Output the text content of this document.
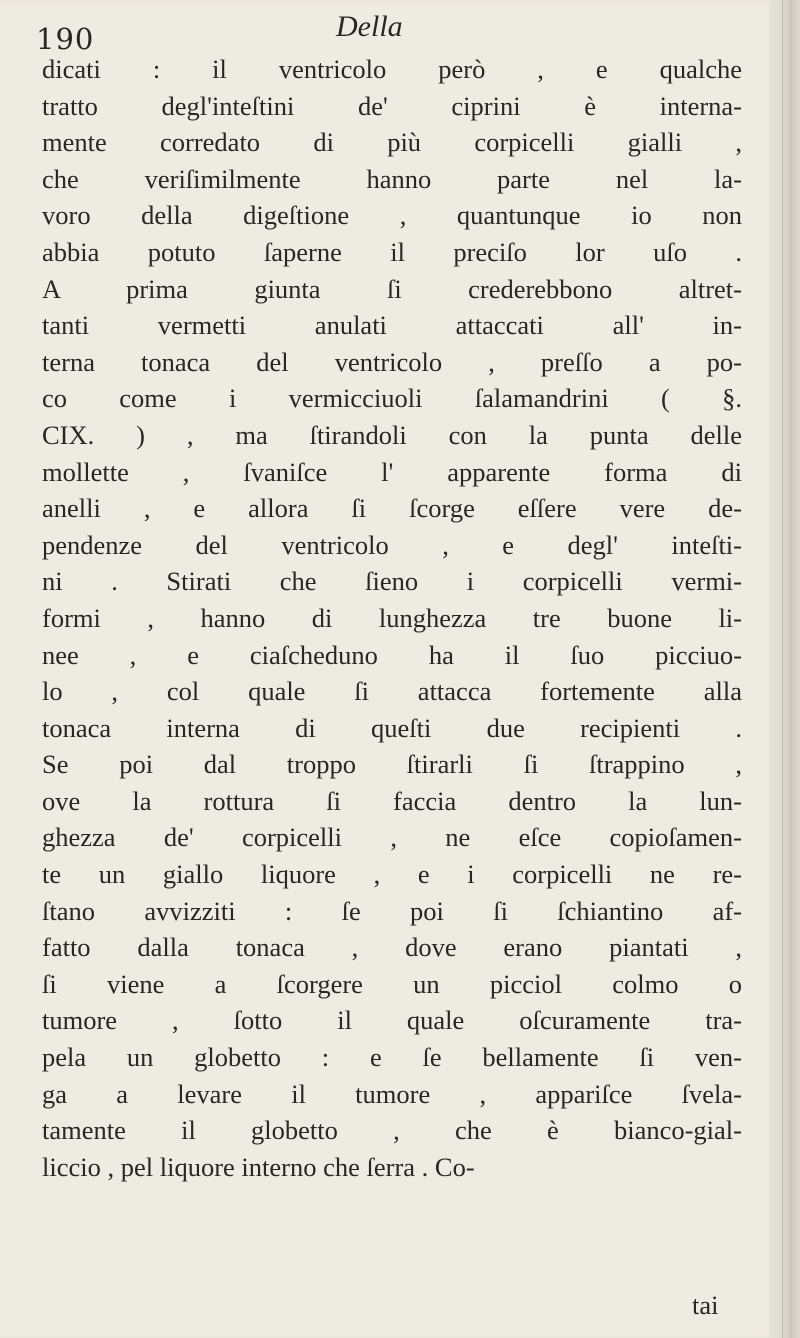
190	Della
dicati : il ventricolo però , e qualche
tratto degl'inteſtini de' ciprini è interna-
mente corredato di più corpicelli gialli ,
che veriſimilmente hanno parte nel la-
voro della digeſtione , quantunque io non
abbia potuto ſaperne il preciſo lor uſo .
A prima giunta ſi crederebbono altret-
tanti vermetti anulati attaccati all' in-
terna tonaca del ventricolo , preſſo a po-
co come i vermicciuoli ſalamandrini ( §.
CIX. ) , ma ſtirandoli con la punta delle
mollette , ſvaniſce l' apparente forma di
anelli , e allora ſi ſcorge eſſere vere de-
pendenze del ventricolo , e degl' inteſti-
ni . Stirati che ſieno i corpicelli vermi-
formi , hanno di lunghezza tre buone li-
nee , e ciaſcheduno ha il ſuo picciuo-
lo , col quale ſi attacca fortemente alla
tonaca interna di queſti due recipienti .
Se poi dal troppo ſtirarli ſi ſtrappino ,
ove la rottura ſi faccia dentro la lun-
ghezza de' corpicelli , ne eſce copioſamen-
te un giallo liquore , e i corpicelli ne re-
ſtano avvizziti : ſe poi ſi ſchiantino af-
fatto dalla tonaca , dove erano piantati ,
ſi viene a ſcorgere un picciol colmo o
tumore , ſotto il quale oſcuramente tra-
pela un globetto : e ſe bellamente ſi ven-
ga a levare il tumore , appariſce ſvela-
tamente il globetto , che è bianco-gial-
liccio , pel liquore interno che ſerra . Co-
tai
